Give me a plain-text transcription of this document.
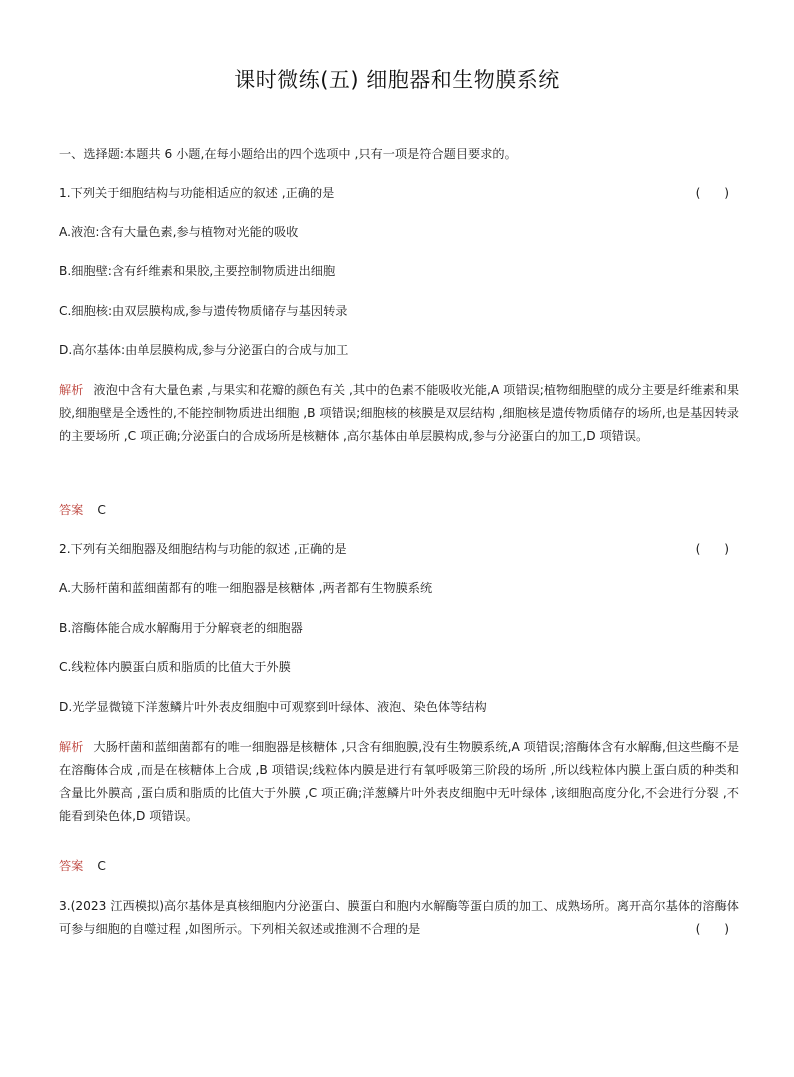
课时微练(五) 细胞器和生物膜系统
一、选择题:本题共 6 小题,在每小题给出的四个选项中 ,只有一项是符合题目要求的。
1.下列关于细胞结构与功能相适应的叙述 ,正确的是	( )
A.液泡:含有大量色素,参与植物对光能的吸收
B.细胞壁:含有纤维素和果胶,主要控制物质进出细胞
C.细胞核:由双层膜构成,参与遗传物质储存与基因转录
D.高尔基体:由单层膜构成,参与分泌蛋白的合成与加工
解析 液泡中含有大量色素 ,与果实和花瓣的颜色有关 ,其中的色素不能吸收光能,A 项错误;植物细胞壁的成分主要是纤维素和果胶,细胞壁是全透性的,不能控制物质进出细胞 ,B 项错误;细胞核的核膜是双层结构 ,细胞核是遗传物质储存的场所,也是基因转录的主要场所 ,C 项正确;分泌蛋白的合成场所是核糖体 ,高尔基体由单层膜构成,参与分泌蛋白的加工,D 项错误。
答案 C
2.下列有关细胞器及细胞结构与功能的叙述 ,正确的是	( )
A.大肠杆菌和蓝细菌都有的唯一细胞器是核糖体 ,两者都有生物膜系统
B.溶酶体能合成水解酶用于分解衰老的细胞器
C.线粒体内膜蛋白质和脂质的比值大于外膜
D.光学显微镜下洋葱鳞片叶外表皮细胞中可观察到叶绿体、液泡、染色体等结构
解析 大肠杆菌和蓝细菌都有的唯一细胞器是核糖体 ,只含有细胞膜,没有生物膜系统,A 项错误;溶酶体含有水解酶,但这些酶不是在溶酶体合成 ,而是在核糖体上合成 ,B 项错误;线粒体内膜是进行有氧呼吸第三阶段的场所 ,所以线粒体内膜上蛋白质的种类和含量比外膜高 ,蛋白质和脂质的比值大于外膜 ,C 项正确;洋葱鳞片叶外表皮细胞中无叶绿体 ,该细胞高度分化,不会进行分裂 ,不能看到染色体,D 项错误。
答案 C
3.(2023 江西模拟)高尔基体是真核细胞内分泌蛋白、膜蛋白和胞内水解酶等蛋白质的加工、成熟场所。离开高尔基体的溶酶体可参与细胞的自噬过程 ,如图所示。下列相关叙述或推测不合理的是	( )
